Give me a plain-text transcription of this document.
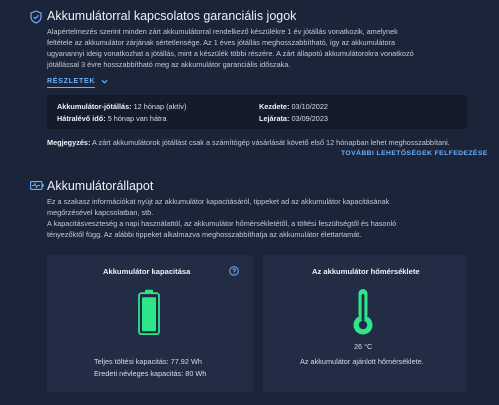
Akkumulátorral kapcsolatos garanciális jogok
Alapértelmezés szerint minden zárt akkumulátorral rendelkező készülékre 1 év jótállás vonatkozik, amelynek
feltétele az akkumulátor zárjának sértetlensége. Az 1 éves jótállás meghosszabbítható, így az akkumulátora
ugyanannyi ideig vonatkozhat a jótállás, mint a készülék többi részére. A zárt állapotú akkumulátorokra vonatkozó
jótállással 3 évre hosszabbítható meg az akkumulátor garanciális időszaka.
RÉSZLETEK
Akkumulátor-jótállás: 12 hónap (aktív)
Hátralévő idő: 5 hónap van hátra
Kezdete: 03/10/2022
Lejárata: 03/09/2023
Megjegyzés: A zárt akkumulátorok jótállást csak a számítógép vásárlását követő első 12 hónapban lehet meghosszabbítani.
TOVÁBBI LEHETŐSÉGEK FELFEDEZÉSE
Akkumulátorállapot
Ez a szakasz információkat nyújt az akkumulátor kapacitásáról, tippeket ad az akkumulátor kapacitásának
megőrzésével kapcsolatban, stb.
A kapacitásveszteség a napi használattól, az akkumulátor hőmérsékletétől, a töltési feszültségtől és hasonló
tényezőktől függ. Az alábbi tippeket alkalmazva meghosszabbíthatja az akkumulátor élettartamát.
Akkumulátor kapacitása
Teljes töltési kapacitás: 77.92 Wh
Eredeti névleges kapacitás: 80 Wh
Az akkumulátor hőmérséklete
26 °C
Az akkumulátor ajánlott hőmérséklete.
